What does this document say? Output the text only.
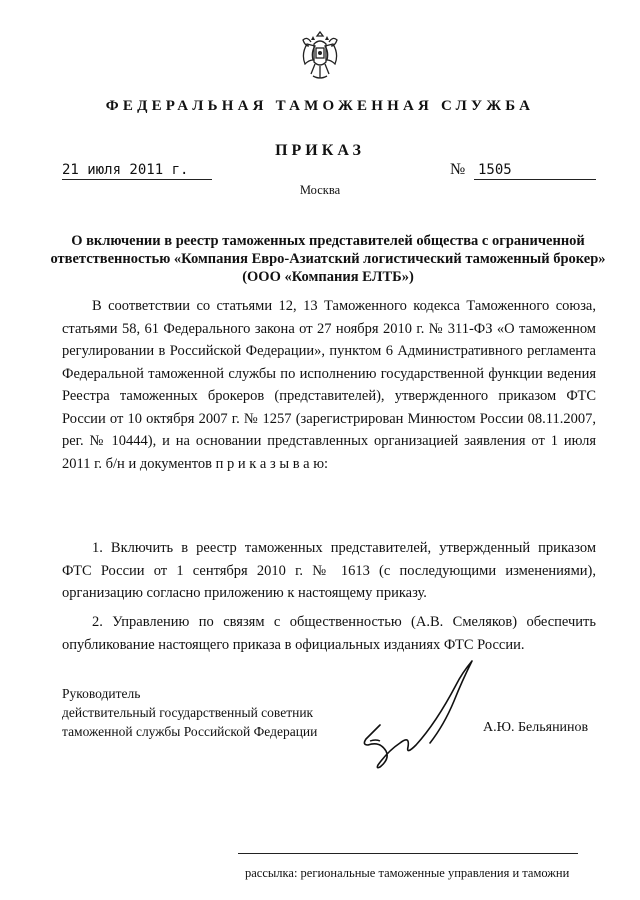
ФЕДЕРАЛЬНАЯ ТАМОЖЕННАЯ СЛУЖБА
ПРИКАЗ
21 июля 2011 г.	№ 1505
Москва
О включении в реестр таможенных представителей общества с ограниченной ответственностью «Компания Евро-Азиатский логистический таможенный брокер» (ООО «Компания ЕЛТБ»)
В соответствии со статьями 12, 13 Таможенного кодекса Таможенного союза, статьями 58, 61 Федерального закона от 27 ноября 2010 г. № 311-ФЗ «О таможенном регулировании в Российской Федерации», пунктом 6 Административного регламента Федеральной таможенной службы по исполнению государственной функции ведения Реестра таможенных брокеров (представителей), утвержденного приказом ФТС России от 10 октября 2007 г. № 1257 (зарегистрирован Минюстом России 08.11.2007, рег. № 10444), и на основании представленных организацией заявления от 1 июля 2011 г. б/н и документов п р и к а з ы в а ю:
1. Включить в реестр таможенных представителей, утвержденный приказом ФТС России от 1 сентября 2010 г. № 1613 (с последующими изменениями), организацию согласно приложению к настоящему приказу.
2. Управлению по связям с общественностью (А.В. Смеляков) обеспечить опубликование настоящего приказа в официальных изданиях ФТС России.
Руководитель
действительный государственный советник
таможенной службы Российской Федерации	А.Ю. Бельянинов
рассылка: региональные таможенные управления и таможни
